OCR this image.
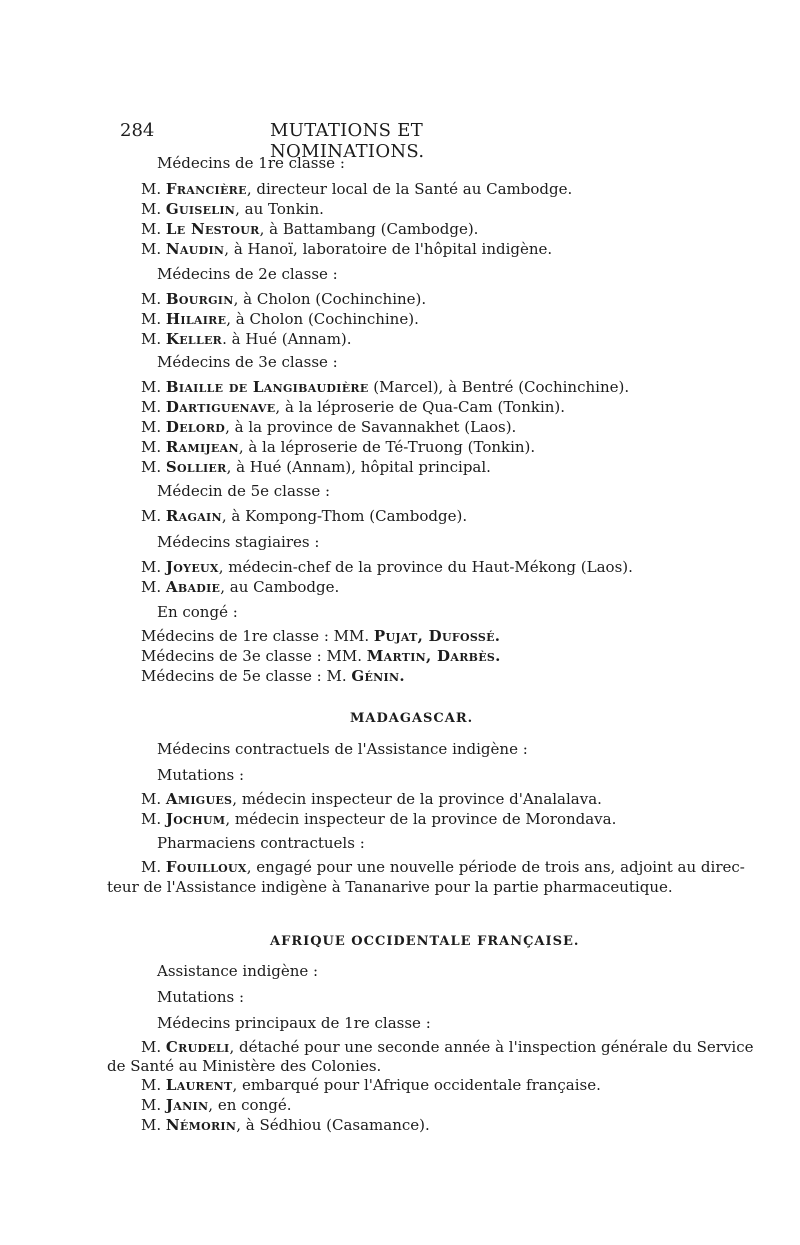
284	MUTATIONS ET NOMINATIONS.
Médecins de 1re classe :
M. Francière, directeur local de la Santé au Cambodge.
M. Guiselin, au Tonkin.
M. Le Nestour, à Battambang (Cambodge).
M. Naudin, à Hanoï, laboratoire de l'hôpital indigène.
Médecins de 2e classe :
M. Bourgin, à Cholon (Cochinchine).
M. Hilaire, à Cholon (Cochinchine).
M. Keller. à Hué (Annam).
Médecins de 3e classe :
M. Biaille de Langibaudière (Marcel), à Bentré (Cochinchine).
M. Dartiguenave, à la léproserie de Qua-Cam (Tonkin).
M. Delord, à la province de Savannakhet (Laos).
M. Ramijean, à la léproserie de Té-Truong (Tonkin).
M. Sollier, à Hué (Annam), hôpital principal.
Médecin de 5e classe :
M. Ragain, à Kompong-Thom (Cambodge).
Médecins stagiaires :
M. Joyeux, médecin-chef de la province du Haut-Mékong (Laos).
M. Abadie, au Cambodge.
En congé :
Médecins de 1re classe : MM. Pujat, Dufossé.
Médecins de 3e classe : MM. Martin, Darbès.
Médecins de 5e classe : M. Génin.
MADAGASCAR.
Médecins contractuels de l'Assistance indigène :
Mutations :
M. Amigues, médecin inspecteur de la province d'Analalava.
M. Jochum, médecin inspecteur de la province de Morondava.
Pharmaciens contractuels :
M. Fouilloux, engagé pour une nouvelle période de trois ans, adjoint au direc-
teur de l'Assistance indigène à Tananarive pour la partie pharmaceutique.
AFRIQUE OCCIDENTALE FRANÇAISE.
Assistance indigène :
Mutations :
Médecins principaux de 1re classe :
M. Crudeli, détaché pour une seconde année à l'inspection générale du Service
de Santé au Ministère des Colonies.
M. Laurent, embarqué pour l'Afrique occidentale française.
M. Janin, en congé.
M. Némorin, à Sédhiou (Casamance).
